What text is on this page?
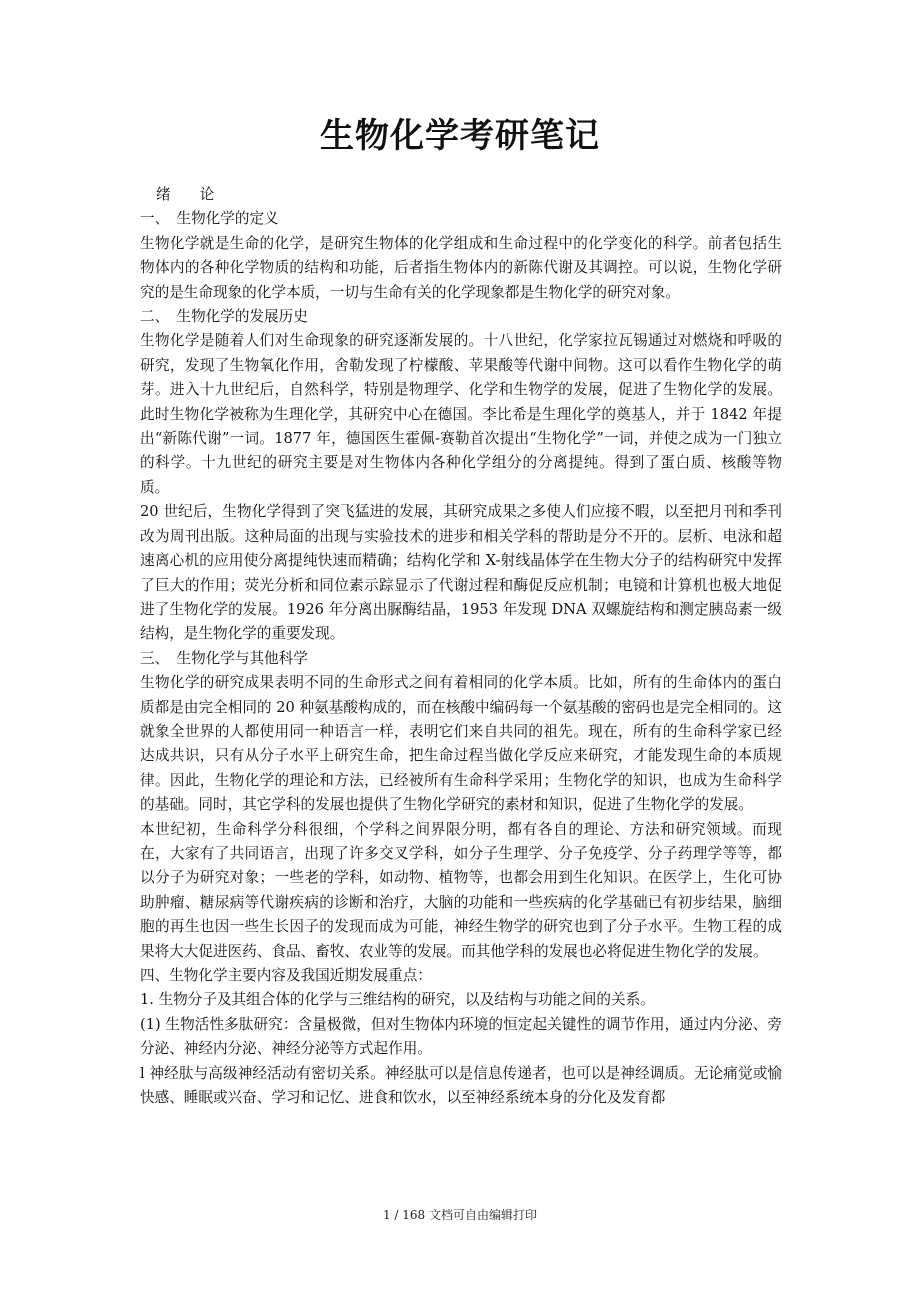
生物化学考研笔记

绪　　论

一、　生物化学的定义

生物化学就是生命的化学，是研究生物体的化学组成和生命过程中的化学变化的科学。前者包括生物体内的各种化学物质的结构和功能，后者指生物体内的新陈代谢及其调控。可以说，生物化学研究的是生命现象的化学本质，一切与生命有关的化学现象都是生物化学的研究对象。

二、　生物化学的发展历史

生物化学是随着人们对生命现象的研究逐渐发展的。十八世纪，化学家拉瓦锡通过对燃烧和呼吸的研究，发现了生物氧化作用，舍勒发现了柠檬酸、苹果酸等代谢中间物。这可以看作生物化学的萌芽。进入十九世纪后，自然科学，特别是物理学、化学和生物学的发展，促进了生物化学的发展。此时生物化学被称为生理化学，其研究中心在德国。李比希是生理化学的奠基人，并于 1842 年提出“新陈代谢”一词。1877 年，德国医生霍佩-赛勒首次提出“生物化学”一词，并使之成为一门独立的科学。十九世纪的研究主要是对生物体内各种化学组分的分离提纯。得到了蛋白质、核酸等物质。

20 世纪后，生物化学得到了突飞猛进的发展，其研究成果之多使人们应接不暇，以至把月刊和季刊改为周刊出版。这种局面的出现与实验技术的进步和相关学科的帮助是分不开的。层析、电泳和超速离心机的应用使分离提纯快速而精确；结构化学和 X-射线晶体学在生物大分子的结构研究中发挥了巨大的作用；荧光分析和同位素示踪显示了代谢过程和酶促反应机制；电镜和计算机也极大地促进了生物化学的发展。1926 年分离出脲酶结晶，1953 年发现 DNA 双螺旋结构和测定胰岛素一级结构，是生物化学的重要发现。

三、　生物化学与其他科学

生物化学的研究成果表明不同的生命形式之间有着相同的化学本质。比如，所有的生命体内的蛋白质都是由完全相同的 20 种氨基酸构成的，而在核酸中编码每一个氨基酸的密码也是完全相同的。这就象全世界的人都使用同一种语言一样，表明它们来自共同的祖先。现在，所有的生命科学家已经达成共识，只有从分子水平上研究生命，把生命过程当做化学反应来研究，才能发现生命的本质规律。因此，生物化学的理论和方法，已经被所有生命科学采用；生物化学的知识，也成为生命科学的基础。同时，其它学科的发展也提供了生物化学研究的素材和知识，促进了生物化学的发展。

本世纪初，生命科学分科很细，个学科之间界限分明，都有各自的理论、方法和研究领域。而现在，大家有了共同语言，出现了许多交叉学科，如分子生理学、分子免疫学、分子药理学等等，都以分子为研究对象；一些老的学科，如动物、植物等，也都会用到生化知识。在医学上，生化可协助肿瘤、糖尿病等代谢疾病的诊断和治疗，大脑的功能和一些疾病的化学基础已有初步结果，脑细胞的再生也因一些生长因子的发现而成为可能，神经生物学的研究也到了分子水平。生物工程的成果将大大促进医药、食品、畜牧、农业等的发展。而其他学科的发展也必将促进生物化学的发展。

四、生物化学主要内容及我国近期发展重点：

1. 生物分子及其组合体的化学与三维结构的研究，以及结构与功能之间的关系。

(1) 生物活性多肽研究：含量极微，但对生物体内环境的恒定起关键性的调节作用，通过内分泌、旁分泌、神经内分泌、神经分泌等方式起作用。

l 神经肽与高级神经活动有密切关系。神经肽可以是信息传递者，也可以是神经调质。无论痛觉或愉快感、睡眠或兴奋、学习和记忆、进食和饮水，以至神经系统本身的分化及发育都

1 / 168 文档可自由编辑打印
